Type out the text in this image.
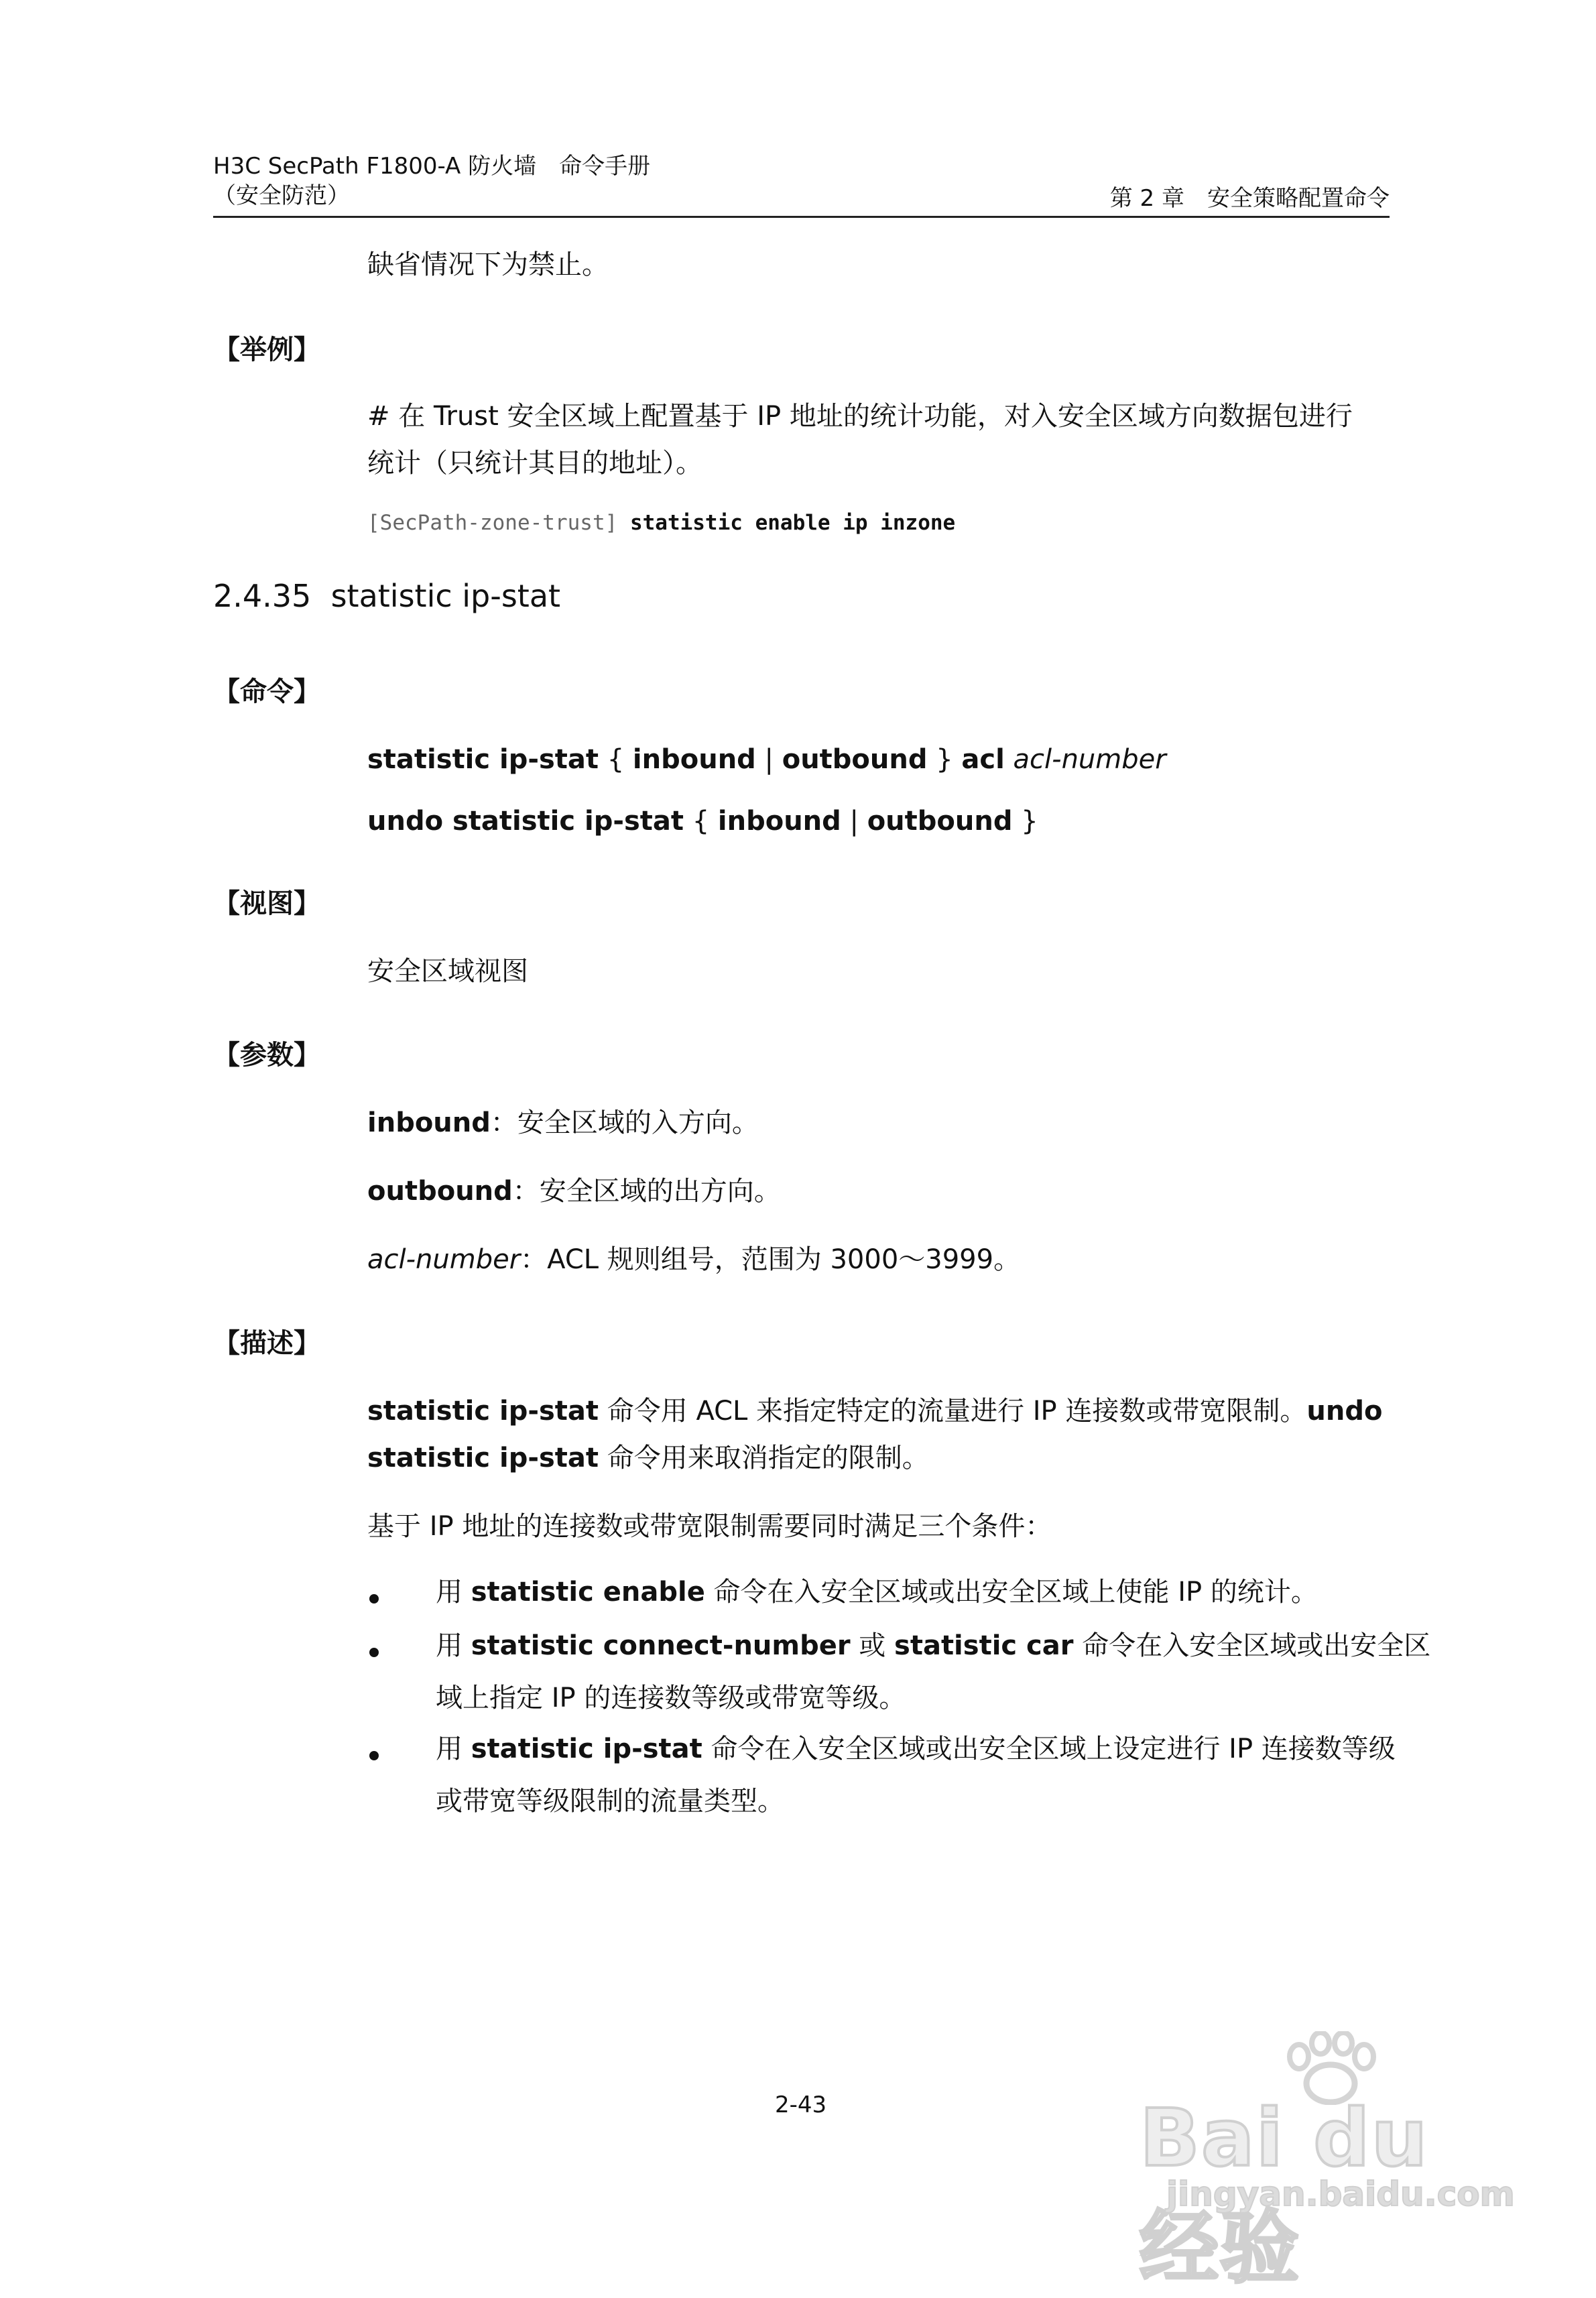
H3C SecPath F1800-A 防火墙　命令手册
（安全防范）	第 2 章　安全策略配置命令
缺省情况下为禁止。
【举例】
# 在 Trust 安全区域上配置基于 IP 地址的统计功能，对入安全区域方向数据包进行
统计（只统计其目的地址）。
[SecPath-zone-trust] statistic enable ip inzone
2.4.35 statistic ip-stat
【命令】
statistic ip-stat { inbound | outbound } acl acl-number
undo statistic ip-stat { inbound | outbound }
【视图】
安全区域视图
【参数】
inbound：安全区域的入方向。
outbound：安全区域的出方向。
acl-number：ACL 规则组号，范围为 3000～3999。
【描述】
statistic ip-stat 命令用 ACL 来指定特定的流量进行 IP 连接数或带宽限制。undo
statistic ip-stat 命令用来取消指定的限制。
基于 IP 地址的连接数或带宽限制需要同时满足三个条件：
用 statistic enable 命令在入安全区域或出安全区域上使能 IP 的统计。
用 statistic connect-number 或 statistic car 命令在入安全区域或出安全区
域上指定 IP 的连接数等级或带宽等级。
用 statistic ip-stat 命令在入安全区域或出安全区域上设定进行 IP 连接数等级
或带宽等级限制的流量类型。
2-43	Bai du 经验
jingyan.baidu.com
